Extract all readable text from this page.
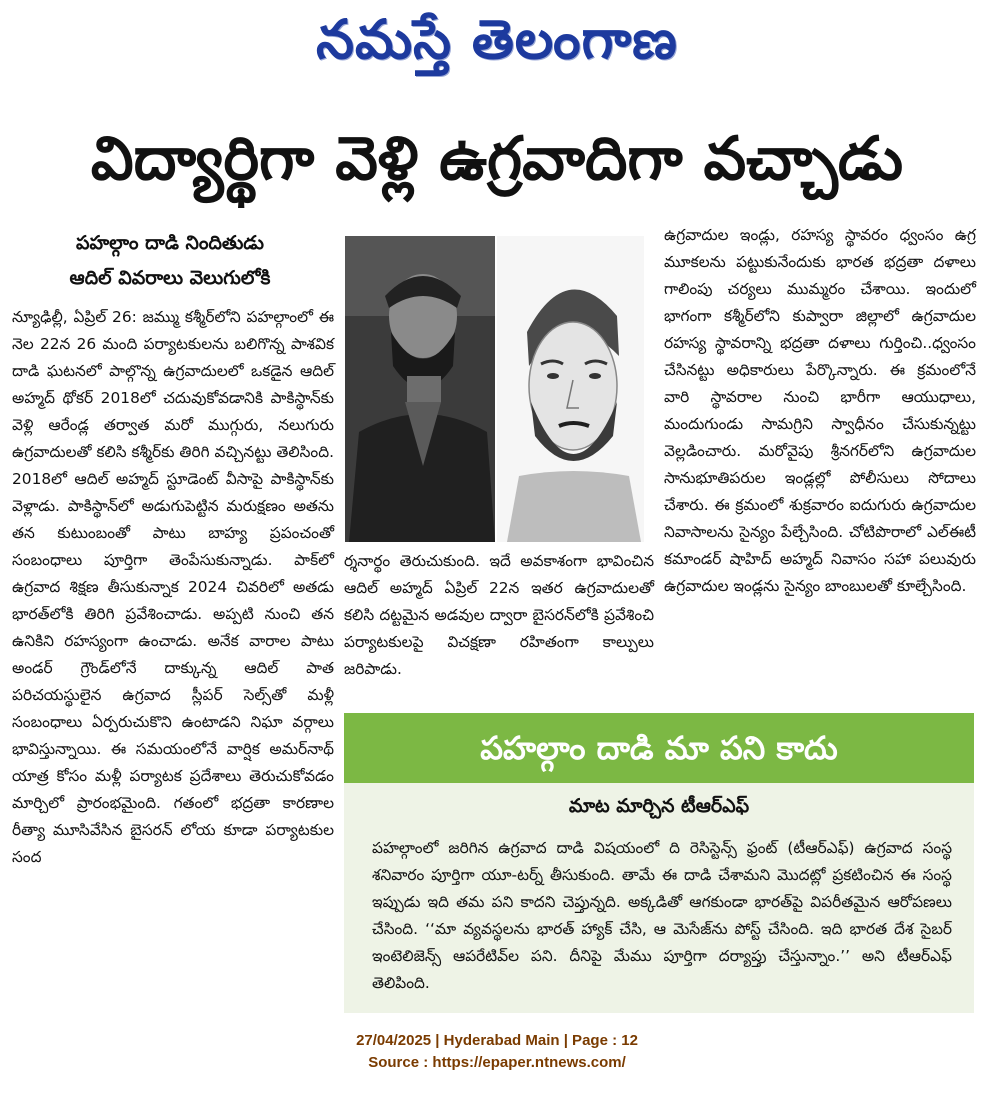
నమస్తే తెలంగాణ
విద్యార్థిగా వెళ్లి ఉగ్రవాదిగా వచ్చాడు
పహల్గాం దాడి నిందితుడు
ఆదిల్ వివరాలు వెలుగులోకి

న్యూఢిల్లీ, ఏప్రిల్ 26: జమ్ము కశ్మీర్‌లోని పహల్గాంలో ఈ నెల 22న 26 మంది పర్యాటకులను బలిగొన్న పాశవిక దాడి ఘటనలో పాల్గొన్న ఉగ్రవాదులలో ఒకడైన ఆదిల్ అహ్మద్ థోకర్ 2018లో చదువుకోవడానికి పాకిస్థాన్‌కు వెళ్లి ఆరేండ్ల తర్వాత మరో ముగ్గురు, నలుగురు ఉగ్రవాదులతో కలిసి కశ్మీర్‌కు తిరిగి వచ్చినట్టు తెలిసింది. 2018లో ఆదిల్ అహ్మద్ స్టూడెంట్ వీసాపై పాకిస్థాన్‌కు వెళ్లాడు. పాకిస్థాన్‌లో అడుగుపెట్టిన మరుక్షణం అతను తన కుటుంబంతో పాటు బాహ్య ప్రపంచంతో సంబంధాలు పూర్తిగా తెంపేసుకున్నాడు. పాక్‌లో ఉగ్రవాద శిక్షణ తీసుకున్నాక 2024 చివరిలో అతడు భారత్‌లోకి తిరిగి ప్రవేశించాడు. అప్పటి నుంచి తన ఉనికిని రహస్యంగా ఉంచాడు. అనేక వారాల పాటు అండర్ గ్రౌండ్‌లోనే దాక్కున్న ఆదిల్ పాత పరిచయస్థులైన ఉగ్రవాద స్లీపర్ సెల్స్‌తో మళ్లీ సంబంధాలు ఏర్పరుచుకొని ఉంటాడని నిఘా వర్గాలు భావిస్తున్నాయి. ఈ సమయంలోనే వార్షిక అమర్‌నాథ్ యాత్ర కోసం మళ్లీ పర్యాటక ప్రదేశాలు తెరుచుకోవడం మార్చిలో ప్రారంభమైంది. గతంలో భద్రతా కారణాల రీత్యా మూసివేసిన బైసరన్ లోయ కూడా పర్యాటకుల సంద

ర్శనార్థం తెరుచుకుంది. ఇదే అవకాశంగా భావించిన ఆదిల్ అహ్మద్ ఏప్రిల్ 22న ఇతర ఉగ్రవాదులతో కలిసి దట్టమైన అడవుల ద్వారా బైసరన్‌లోకి ప్రవేశించి పర్యాటకులపై విచక్షణా రహితంగా కాల్పులు జరిపాడు.

ఉగ్రవాదుల ఇండ్లు, రహస్య స్థావరం ధ్వంసం ఉగ్ర మూకలను పట్టుకునేందుకు భారత భద్రతా దళాలు గాలింపు చర్యలు ముమ్మరం చేశాయి. ఇందులో భాగంగా కశ్మీర్‌లోని కుప్వారా జిల్లాలో ఉగ్రవాదుల రహస్య స్థావరాన్ని భద్రతా దళాలు గుర్తించి..ధ్వంసం చేసినట్టు అధికారులు పేర్కొన్నారు. ఈ క్రమంలోనే వారి స్థావరాల నుంచి భారీగా ఆయుధాలు, మందుగుండు సామగ్రిని స్వాధీనం చేసుకున్నట్టు వెల్లడించారు. మరోవైపు శ్రీనగర్‌లోని ఉగ్రవాదుల సానుభూతిపరుల ఇండ్లల్లో పోలీసులు సోదాలు చేశారు. ఈ క్రమంలో శుక్రవారం ఐదుగురు ఉగ్రవాదుల నివాసాలను సైన్యం పేల్చేసింది. చోటిపొరాలో ఎల్‌ఈటీ కమాండర్ షాహిద్ అహ్మద్ నివాసం సహా పలువురు ఉగ్రవాదుల ఇండ్లను సైన్యం బాంబులతో కూల్చేసింది.

పహల్గాం దాడి మా పని కాదు
మాట మార్చిన టీఆర్‌ఎఫ్
పహల్గాంలో జరిగిన ఉగ్రవాద దాడి విషయంలో ది రెసిస్టెన్స్ ఫ్రంట్ (టీఆర్‌ఎఫ్) ఉగ్రవాద సంస్థ శనివారం పూర్తిగా యూ-టర్న్ తీసుకుంది. తామే ఈ దాడి చేశామని మొదట్లో ప్రకటించిన ఈ సంస్థ ఇప్పుడు ఇది తమ పని కాదని చెప్తున్నది. అక్కడితో ఆగకుండా భారత్‌పై విపరీతమైన ఆరోపణలు చేసింది. ‘‘మా వ్యవస్థలను భారత్ హ్యాక్ చేసి, ఆ మెసేజ్‌ను పోస్ట్ చేసింది. ఇది భారత దేశ సైబర్ ఇంటెలిజెన్స్ ఆపరేటివ్‌ల పని. దీనిపై మేము పూర్తిగా దర్యాప్తు చేస్తున్నాం.’’ అని టీఆర్‌ఎఫ్ తెలిపింది.
27/04/2025 | Hyderabad Main | Page : 12
Source : https://epaper.ntnews.com/
